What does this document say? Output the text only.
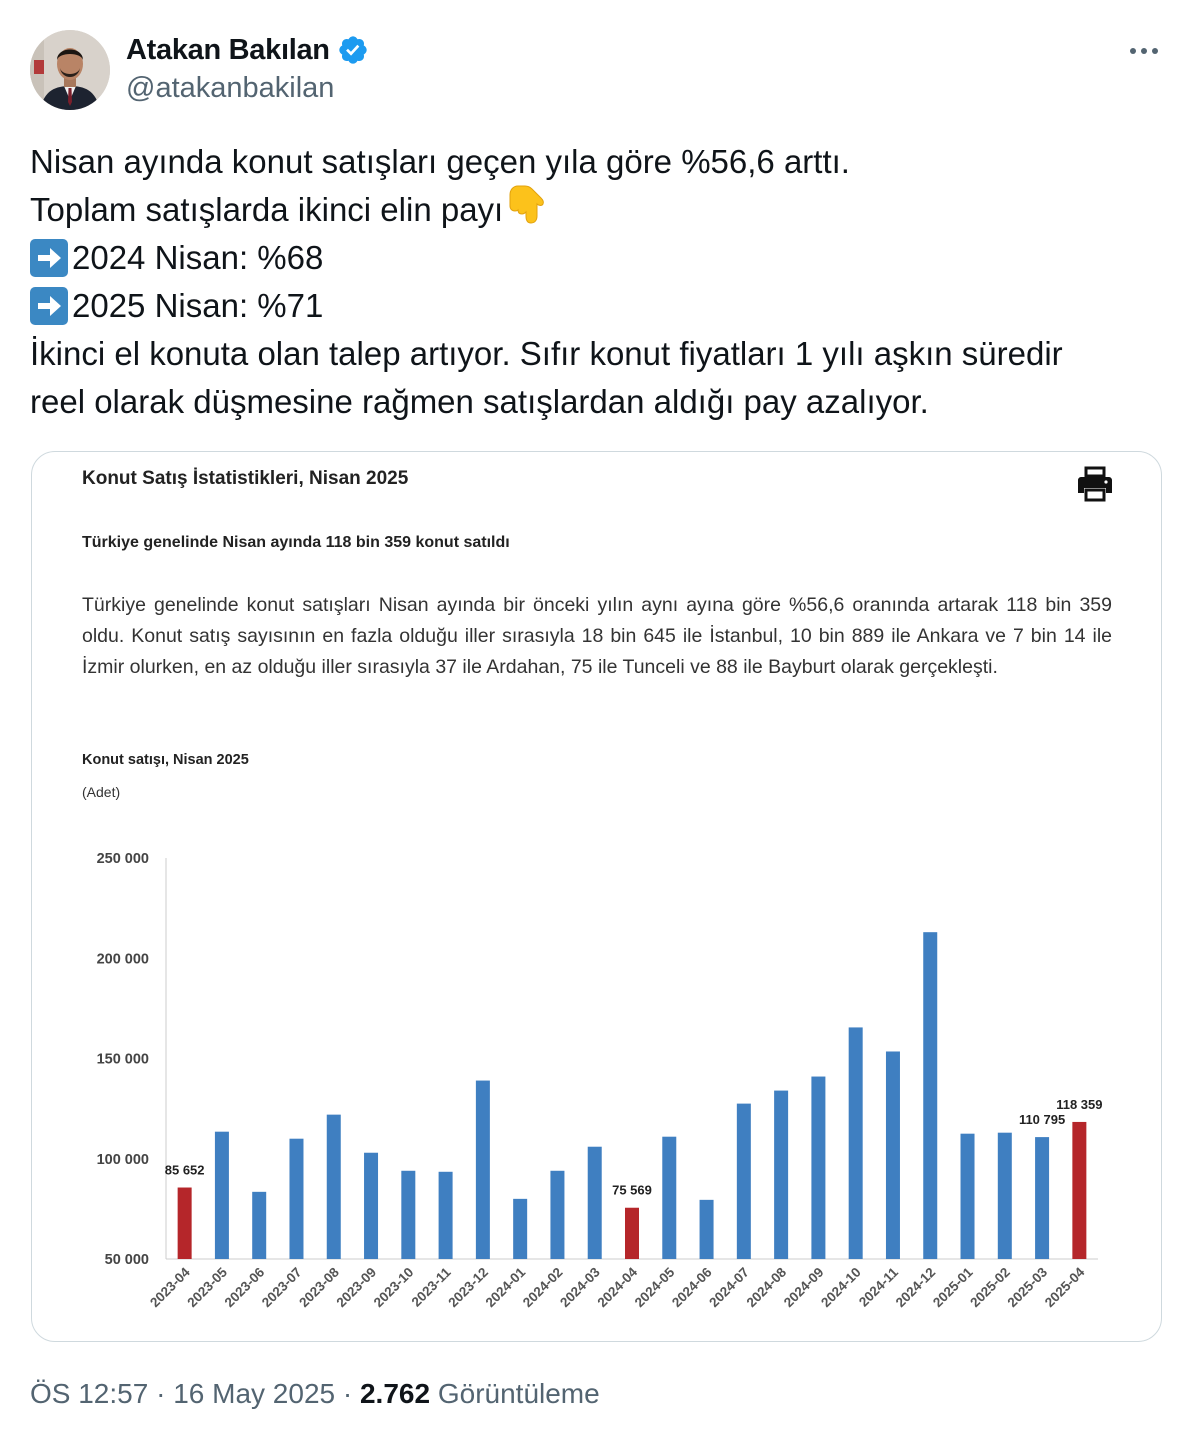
Atakan Bakılan
@atakanbakilan
Nisan ayında konut satışları geçen yıla göre %56,6 arttı.
Toplam satışlarda ikinci elin payı
2024 Nisan: %68
2025 Nisan: %71
İkinci el konuta olan talep artıyor. Sıfır konut fiyatları 1 yılı aşkın süredir
reel olarak düşmesine rağmen satışlardan aldığı pay azalıyor.
Konut Satış İstatistikleri, Nisan 2025
Türkiye genelinde Nisan ayında 118 bin 359 konut satıldı
Türkiye genelinde konut satışları Nisan ayında bir önceki yılın aynı ayına göre %56,6 oranında artarak 118 bin 359 oldu. Konut satış sayısının en fazla olduğu iller sırasıyla 18 bin 645 ile İstanbul, 10 bin 889 ile Ankara ve 7 bin 14 ile İzmir olurken, en az olduğu iller sırasıyla 37 ile Ardahan, 75 ile Tunceli ve 88 ile Bayburt olarak gerçekleşti.
Konut satışı, Nisan 2025
(Adet)
50 000
100 000
150 000
200 000
250 000
2023-04
85 652
2023-05
2023-06
2023-07
2023-08
2023-09
2023-10
2023-11
2023-12
2024-01
2024-02
2024-03
2024-04
75 569
2024-05
2024-06
2024-07
2024-08
2024-09
2024-10
2024-11
2024-12
2025-01
2025-02
2025-03
110 795
2025-04
118 359
ÖS 12:57 · 16 May 2025 · 2.762 Görüntüleme
